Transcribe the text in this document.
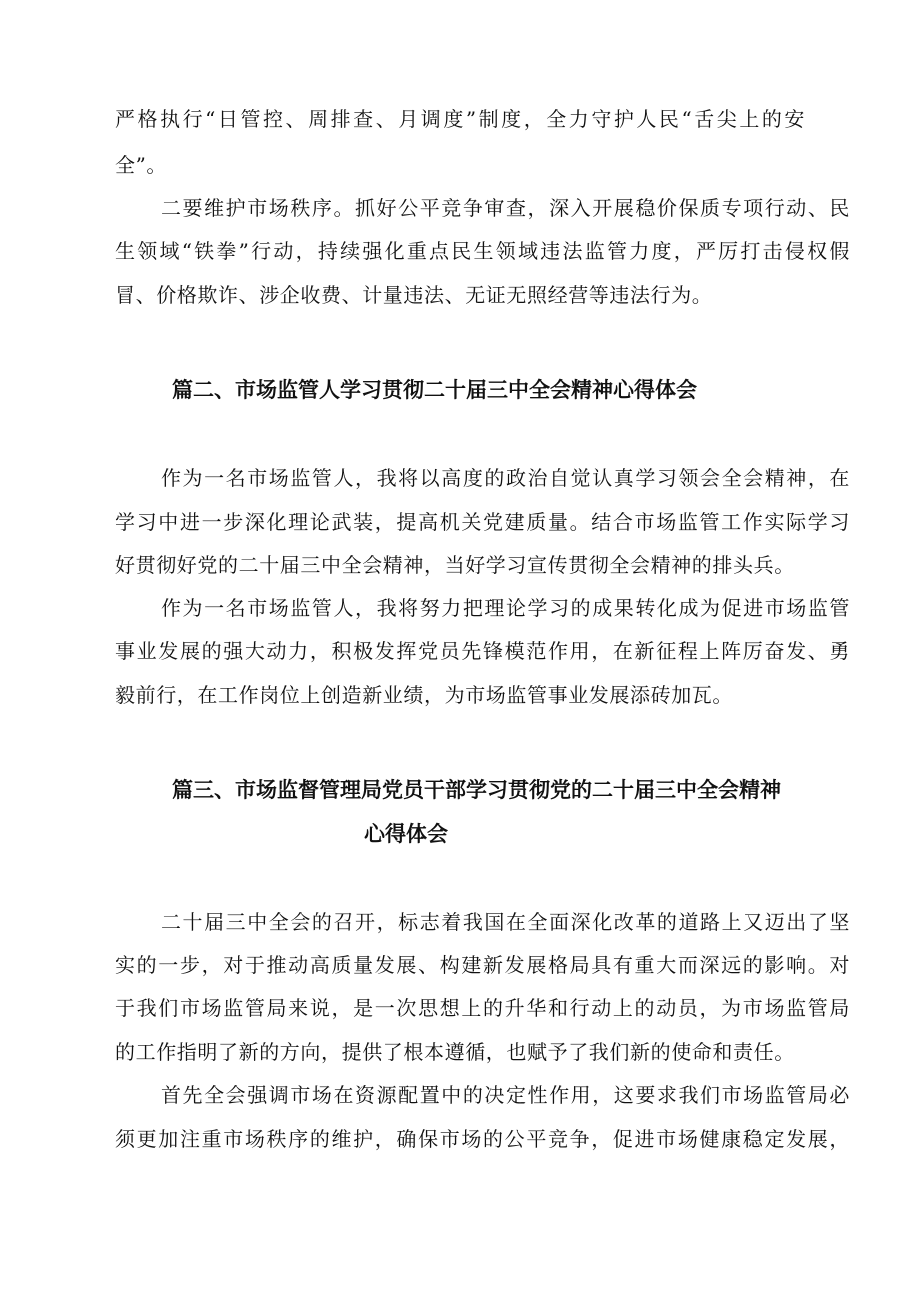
严格执行“日管控、周排查、月调度”制度，全力守护人民“舌尖上的安
全”。
二要维护市场秩序。抓好公平竞争审查，深入开展稳价保质专项行动、民
生领域“铁拳”行动，持续强化重点民生领域违法监管力度，严厉打击侵权假
冒、价格欺诈、涉企收费、计量违法、无证无照经营等违法行为。
篇二、市场监管人学习贯彻二十届三中全会精神心得体会
作为一名市场监管人，我将以高度的政治自觉认真学习领会全会精神，在
学习中进一步深化理论武装，提高机关党建质量。结合市场监管工作实际学习
好贯彻好党的二十届三中全会精神，当好学习宣传贯彻全会精神的排头兵。
作为一名市场监管人，我将努力把理论学习的成果转化成为促进市场监管
事业发展的强大动力，积极发挥党员先锋模范作用，在新征程上阵厉奋发、勇
毅前行，在工作岗位上创造新业绩，为市场监管事业发展添砖加瓦。
篇三、市场监督管理局党员干部学习贯彻党的二十届三中全会精神
心得体会
二十届三中全会的召开，标志着我国在全面深化改革的道路上又迈出了坚
实的一步，对于推动高质量发展、构建新发展格局具有重大而深远的影响。对
于我们市场监管局来说，是一次思想上的升华和行动上的动员，为市场监管局
的工作指明了新的方向，提供了根本遵循，也赋予了我们新的使命和责任。
首先全会强调市场在资源配置中的决定性作用，这要求我们市场监管局必
须更加注重市场秩序的维护，确保市场的公平竞争，促进市场健康稳定发展，
